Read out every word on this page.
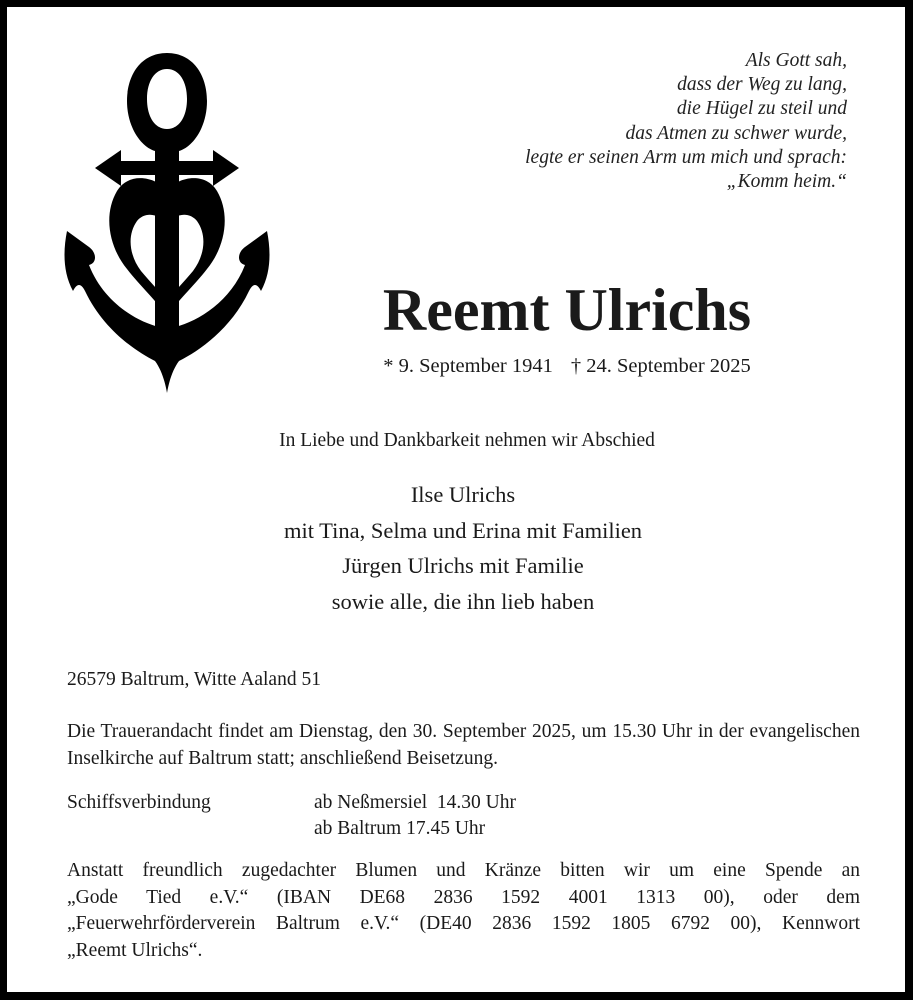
Als Gott sah,
dass der Weg zu lang,
die Hügel zu steil und
das Atmen zu schwer wurde,
legte er seinen Arm um mich und sprach:
„Komm heim.“
Reemt Ulrichs
* 9. September 1941 † 24. September 2025
In Liebe und Dankbarkeit nehmen wir Abschied
Ilse Ulrichs
mit Tina, Selma und Erina mit Familien
Jürgen Ulrichs mit Familie
sowie alle, die ihn lieb haben
26579 Baltrum, Witte Aaland 51
Die Trauerandacht findet am Dienstag, den 30. September 2025, um 15.30 Uhr in der evangelischen Inselkirche auf Baltrum statt; anschließend Beisetzung.
Schiffsverbindung	ab Neßmersiel  14.30 Uhr
ab Baltrum 17.45 Uhr
Anstatt freundlich zugedachter Blumen und Kränze bitten wir um eine Spende an
„Gode Tied e.V.“ (IBAN DE68 2836 1592 4001 1313 00), oder dem
„Feuerwehrförderverein Baltrum e.V.“ (DE40 2836 1592 1805 6792 00), Kennwort
„Reemt Ulrichs“.
